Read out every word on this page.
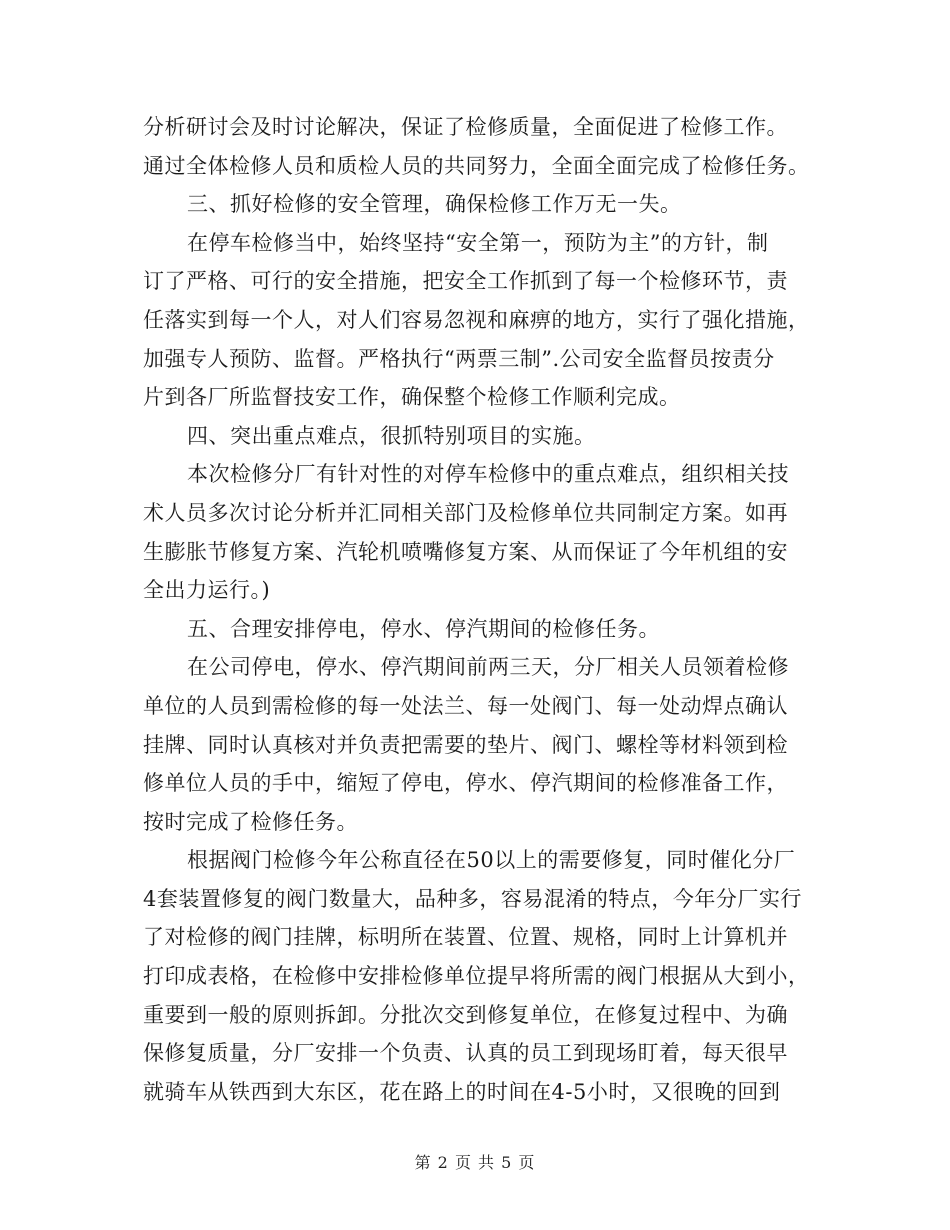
分析研讨会及时讨论解决，保证了检修质量，全面促进了检修工作。
通过全体检修人员和质检人员的共同努力，全面全面完成了检修任务。
三、抓好检修的安全管理，确保检修工作万无一失。
在停车检修当中，始终坚持“安全第一，预防为主”的方针，制
订了严格、可行的安全措施，把安全工作抓到了每一个检修环节，责
任落实到每一个人，对人们容易忽视和麻痹的地方，实行了强化措施，
加强专人预防、监督。严格执行“两票三制”.公司安全监督员按责分
片到各厂所监督技安工作，确保整个检修工作顺利完成。
四、突出重点难点，很抓特别项目的实施。
本次检修分厂有针对性的对停车检修中的重点难点，组织相关技
术人员多次讨论分析并汇同相关部门及检修单位共同制定方案。如再
生膨胀节修复方案、汽轮机喷嘴修复方案、从而保证了今年机组的安
全出力运行。)
五、合理安排停电，停水、停汽期间的检修任务。
在公司停电，停水、停汽期间前两三天，分厂相关人员领着检修
单位的人员到需检修的每一处法兰、每一处阀门、每一处动焊点确认
挂牌、同时认真核对并负责把需要的垫片、阀门、螺栓等材料领到检
修单位人员的手中，缩短了停电，停水、停汽期间的检修准备工作，
按时完成了检修任务。
根据阀门检修今年公称直径在50以上的需要修复，同时催化分厂
4套装置修复的阀门数量大，品种多，容易混淆的特点，今年分厂实行
了对检修的阀门挂牌，标明所在装置、位置、规格，同时上计算机并
打印成表格，在检修中安排检修单位提早将所需的阀门根据从大到小，
重要到一般的原则拆卸。分批次交到修复单位，在修复过程中、为确
保修复质量，分厂安排一个负责、认真的员工到现场盯着，每天很早
就骑车从铁西到大东区，花在路上的时间在4-5小时，又很晚的回到
第 2 页 共 5 页
